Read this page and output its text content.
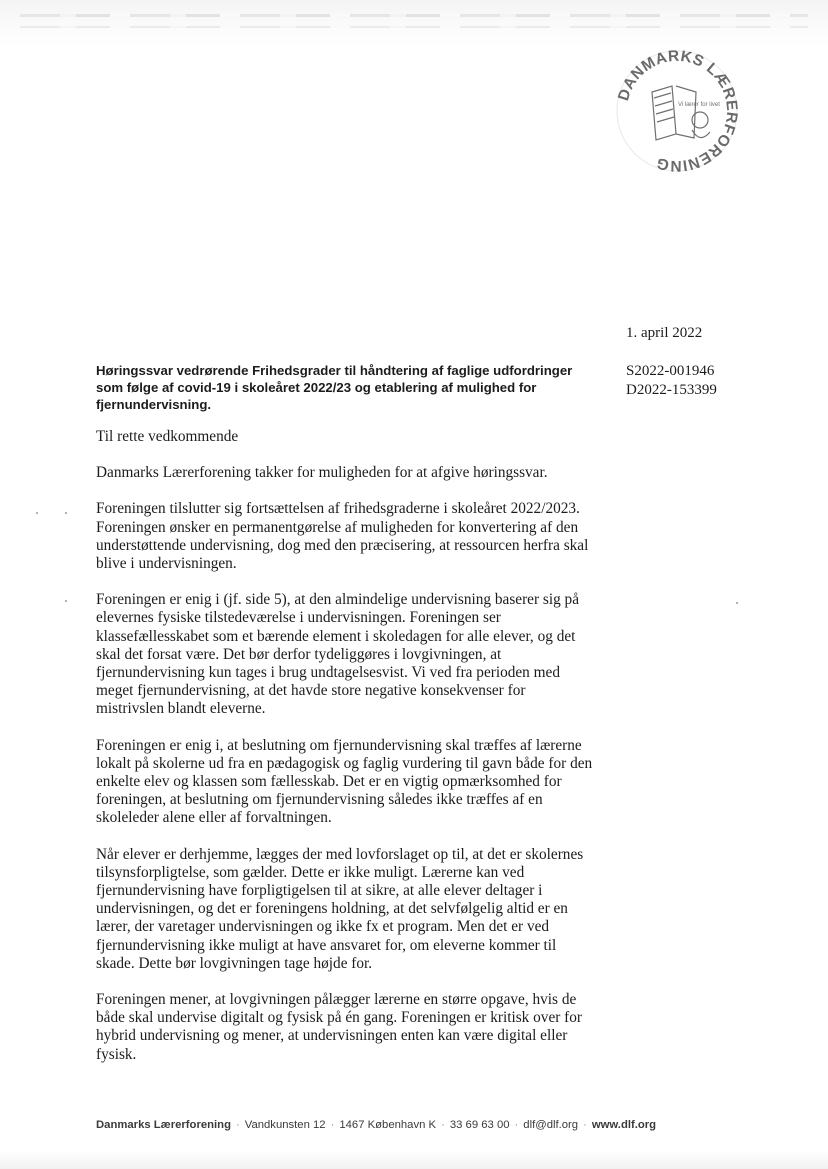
DANMARKS LÆRERFORENING
Vi lærer for livet
1. april 2022
S2022-001946
D2022-153399
Høringssvar vedrørende Frihedsgrader til håndtering af faglige udfordringer som følge af covid-19 i skoleåret 2022/23 og etablering af mulighed for fjernundervisning.

Til rette vedkommende

Danmarks Lærerforening takker for muligheden for at afgive høringssvar.

Foreningen tilslutter sig fortsættelsen af frihedsgraderne i skoleåret 2022/2023. Foreningen ønsker en permanentgørelse af muligheden for konvertering af den understøttende undervisning, dog med den præcisering, at ressourcen herfra skal blive i undervisningen.

Foreningen er enig i (jf. side 5), at den almindelige undervisning baserer sig på elevernes fysiske tilstedeværelse i undervisningen. Foreningen ser klassefællesskabet som et bærende element i skoledagen for alle elever, og det skal det forsat være. Det bør derfor tydeliggøres i lovgivningen, at fjernundervisning kun tages i brug undtagelsesvist. Vi ved fra perioden med meget fjernundervisning, at det havde store negative konsekvenser for mistrivslen blandt eleverne.

Foreningen er enig i, at beslutning om fjernundervisning skal træffes af lærerne lokalt på skolerne ud fra en pædagogisk og faglig vurdering til gavn både for den enkelte elev og klassen som fællesskab. Det er en vigtig opmærksomhed for foreningen, at beslutning om fjernundervisning således ikke træffes af en skoleleder alene eller af forvaltningen.

Når elever er derhjemme, lægges der med lovforslaget op til, at det er skolernes tilsynsforpligtelse, som gælder. Dette er ikke muligt. Lærerne kan ved fjernundervisning have forpligtigelsen til at sikre, at alle elever deltager i undervisningen, og det er foreningens holdning, at det selvfølgelig altid er en lærer, der varetager undervisningen og ikke fx et program. Men det er ved fjernundervisning ikke muligt at have ansvaret for, om eleverne kommer til skade. Dette bør lovgivningen tage højde for.

Foreningen mener, at lovgivningen pålægger lærerne en større opgave, hvis de både skal undervise digitalt og fysisk på én gang. Foreningen er kritisk over for hybrid undervisning og mener, at undervisningen enten kan være digital eller fysisk.

Danmarks Lærerforening · Vandkunsten 12 · 1467 København K · 33 69 63 00 · dlf@dlf.org · www.dlf.org
